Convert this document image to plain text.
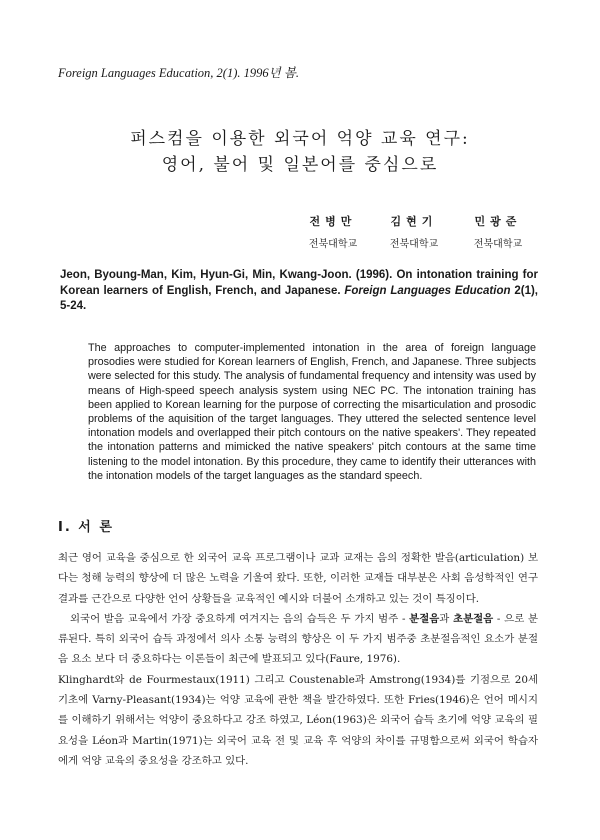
Foreign Languages Education, 2(1). 1996년 봄.
퍼스컴을 이용한 외국어 억양 교육 연구:
영어, 불어 및 일본어를 중심으로
전병만
전북대학교
김현기
전북대학교
민광준
전북대학교

Jeon, Byoung-Man, Kim, Hyun-Gi, Min, Kwang-Joon. (1996). On intonation training for Korean learners of English, French, and Japanese. Foreign Languages Education 2(1), 5-24.

The approaches to computer-implemented intonation in the area of foreign language prosodies were studied for Korean learners of English, French, and Japanese. Three subjects were selected for this study. The analysis of fundamental frequency and intensity was used by means of High-speed speech analysis system using NEC PC. The intonation training has been applied to Korean learning for the purpose of correcting the misarticulation and prosodic problems of the aquisition of the target languages. They uttered the selected sentence level intonation models and overlapped their pitch contours on the native speakers'. They repeated the intonation patterns and mimicked the native speakers' pitch contours at the same time listening to the model intonation. By this procedure, they came to identify their utterances with the intonation models of the target languages as the standard speech.

I. 서 론

최근 영어 교육을 중심으로 한 외국어 교육 프로그램이나 교과 교재는 음의 정확한 발음(articulation) 보다는 청해 능력의 향상에 더 많은 노력을 기울여 왔다. 또한, 이러한 교재들 대부분은 사회 음성학적인 연구 결과를 근간으로 다양한 언어 상황들을 교육적인 예시와 더불어 소개하고 있는 것이 특징이다.

외국어 발음 교육에서 가장 중요하게 여겨지는 음의 습득은 두 가지 범주 - 분절음과 초분절음 - 으로 분류된다. 특히 외국어 습득 과정에서 의사 소통 능력의 향상은 이 두 가지 범주중 초분절음적인 요소가 분절음 요소 보다 더 중요하다는 이론들이 최근에 발표되고 있다(Faure, 1976).

Klinghardt와 de Fourmestaux(1911) 그리고 Coustenable과 Amstrong(1934)를 기점으로 20세기초에 Varny-Pleasant(1934)는 억양 교육에 관한 책을 발간하였다. 또한 Fries(1946)은 언어 메시지를 이해하기 위해서는 억양이 중요하다고 강조 하였고, Léon(1963)은 외국어 습득 초기에 억양 교육의 필요성을 Léon과 Martin(1971)는 외국어 교육 전 및 교육 후 억양의 차이를 규명함으로써 외국어 학습자에게 억양 교육의 중요성을 강조하고 있다.
